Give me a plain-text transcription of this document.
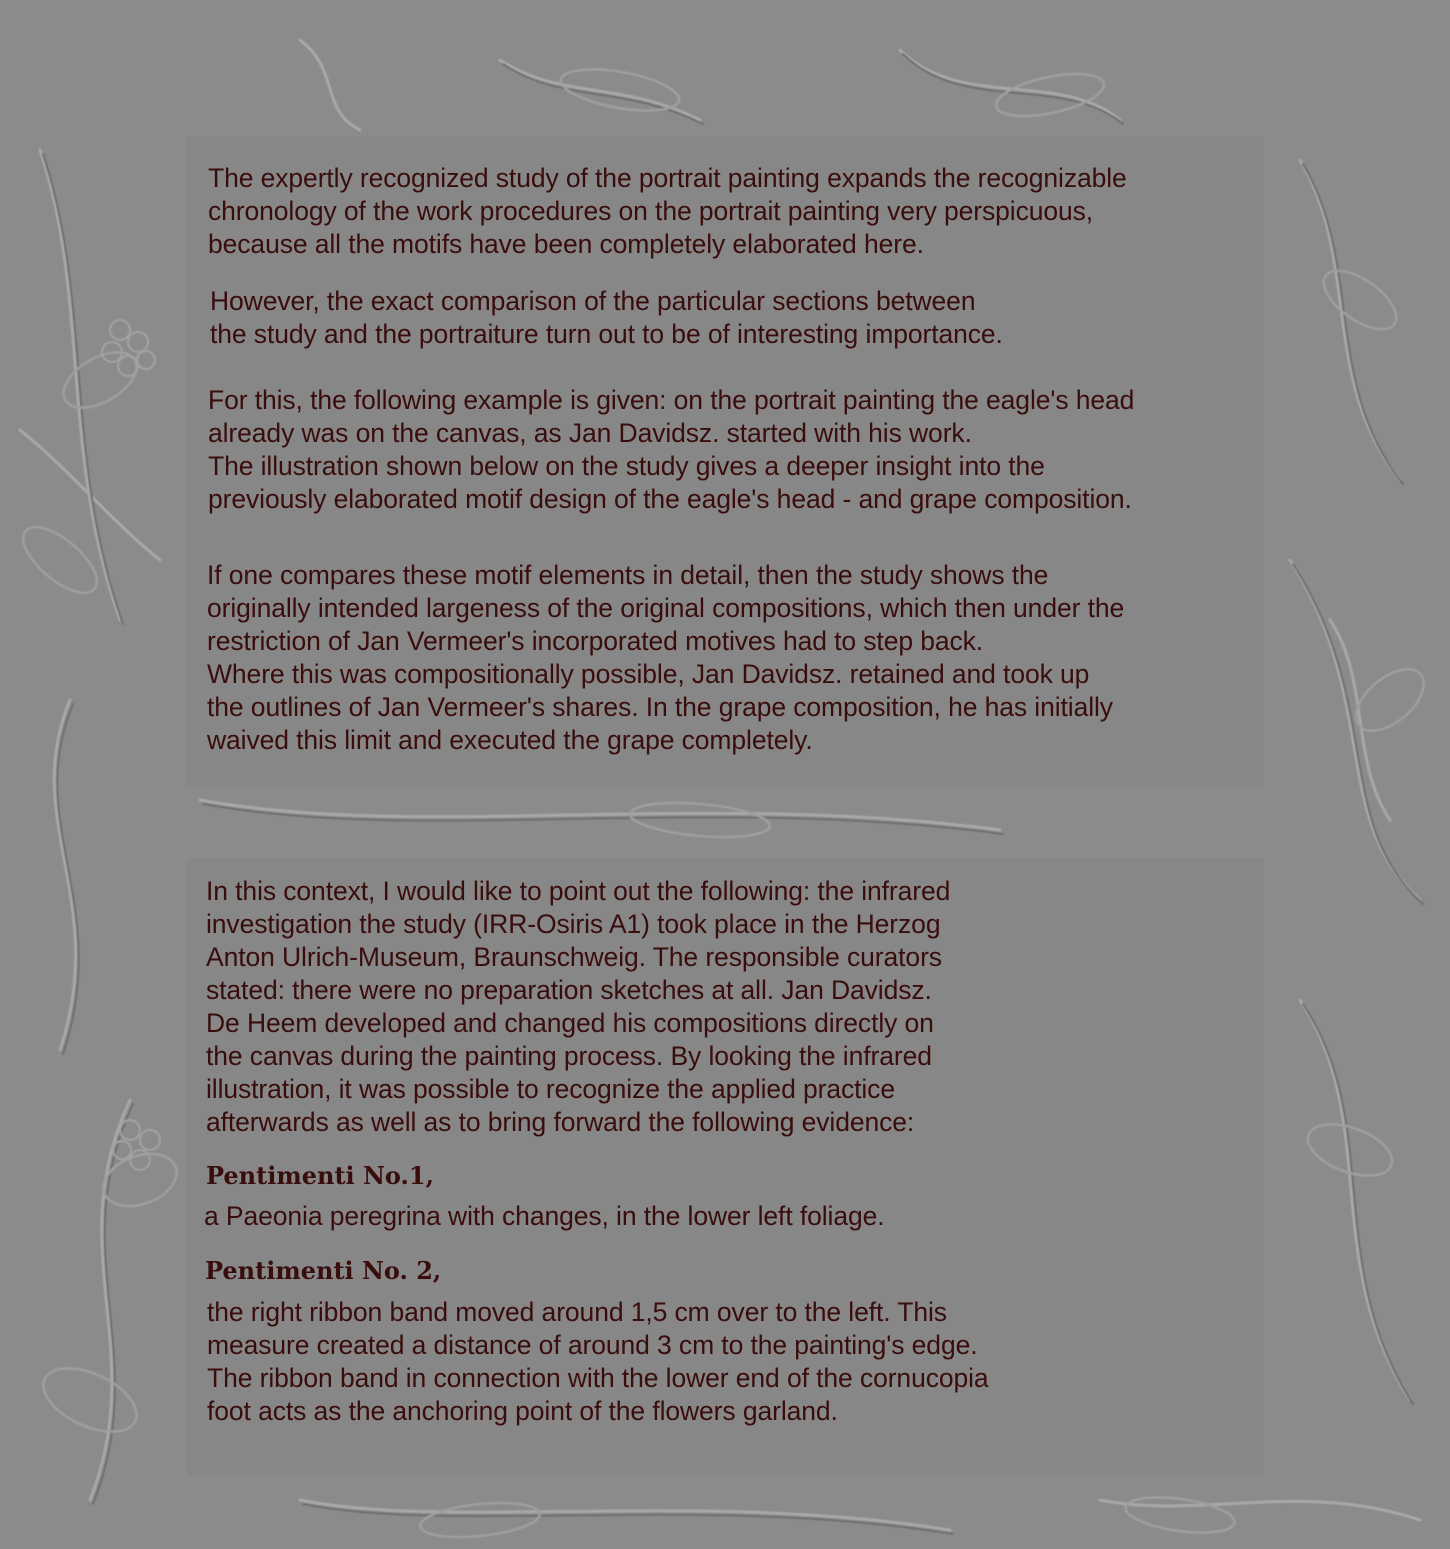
The expertly recognized study of the portrait painting expands the recognizable
chronology of the work procedures on the portrait painting very perspicuous,
because all the motifs have been completely elaborated here.

However, the exact comparison of the particular sections between
the study and the portraiture turn out to be of interesting importance.

For this, the following example is given: on the portrait painting the eagle's head
already was on the canvas, as Jan Davidsz. started with his work.
The illustration shown below on the study gives a deeper insight into the
previously elaborated motif design of the eagle's head - and grape composition.

If one compares these motif elements in detail, then the study shows the
originally intended largeness of the original compositions, which then under the
restriction of Jan Vermeer's incorporated motives had to step back.
Where this was compositionally possible, Jan Davidsz. retained and took up
the outlines of Jan Vermeer's shares. In the grape composition, he has initially
waived this limit and executed the grape completely.

In this context, I would like to point out the following: the infrared
investigation the study (IRR-Osiris A1) took place in the Herzog
Anton Ulrich-Museum, Braunschweig. The responsible curators
stated: there were no preparation sketches at all. Jan Davidsz.
De Heem developed and changed his compositions directly on
the canvas during the painting process. By looking the infrared
illustration, it was possible to recognize the applied practice
afterwards as well as to bring forward the following evidence:

Pentimenti No.1,

a Paeonia peregrina with changes, in the lower left foliage.

Pentimenti No. 2,

the right ribbon band moved around 1,5 cm over to the left. This
measure created a distance of around 3 cm to the painting's edge.
The ribbon band in connection with the lower end of the cornucopia
foot acts as the anchoring point of the flowers garland.
